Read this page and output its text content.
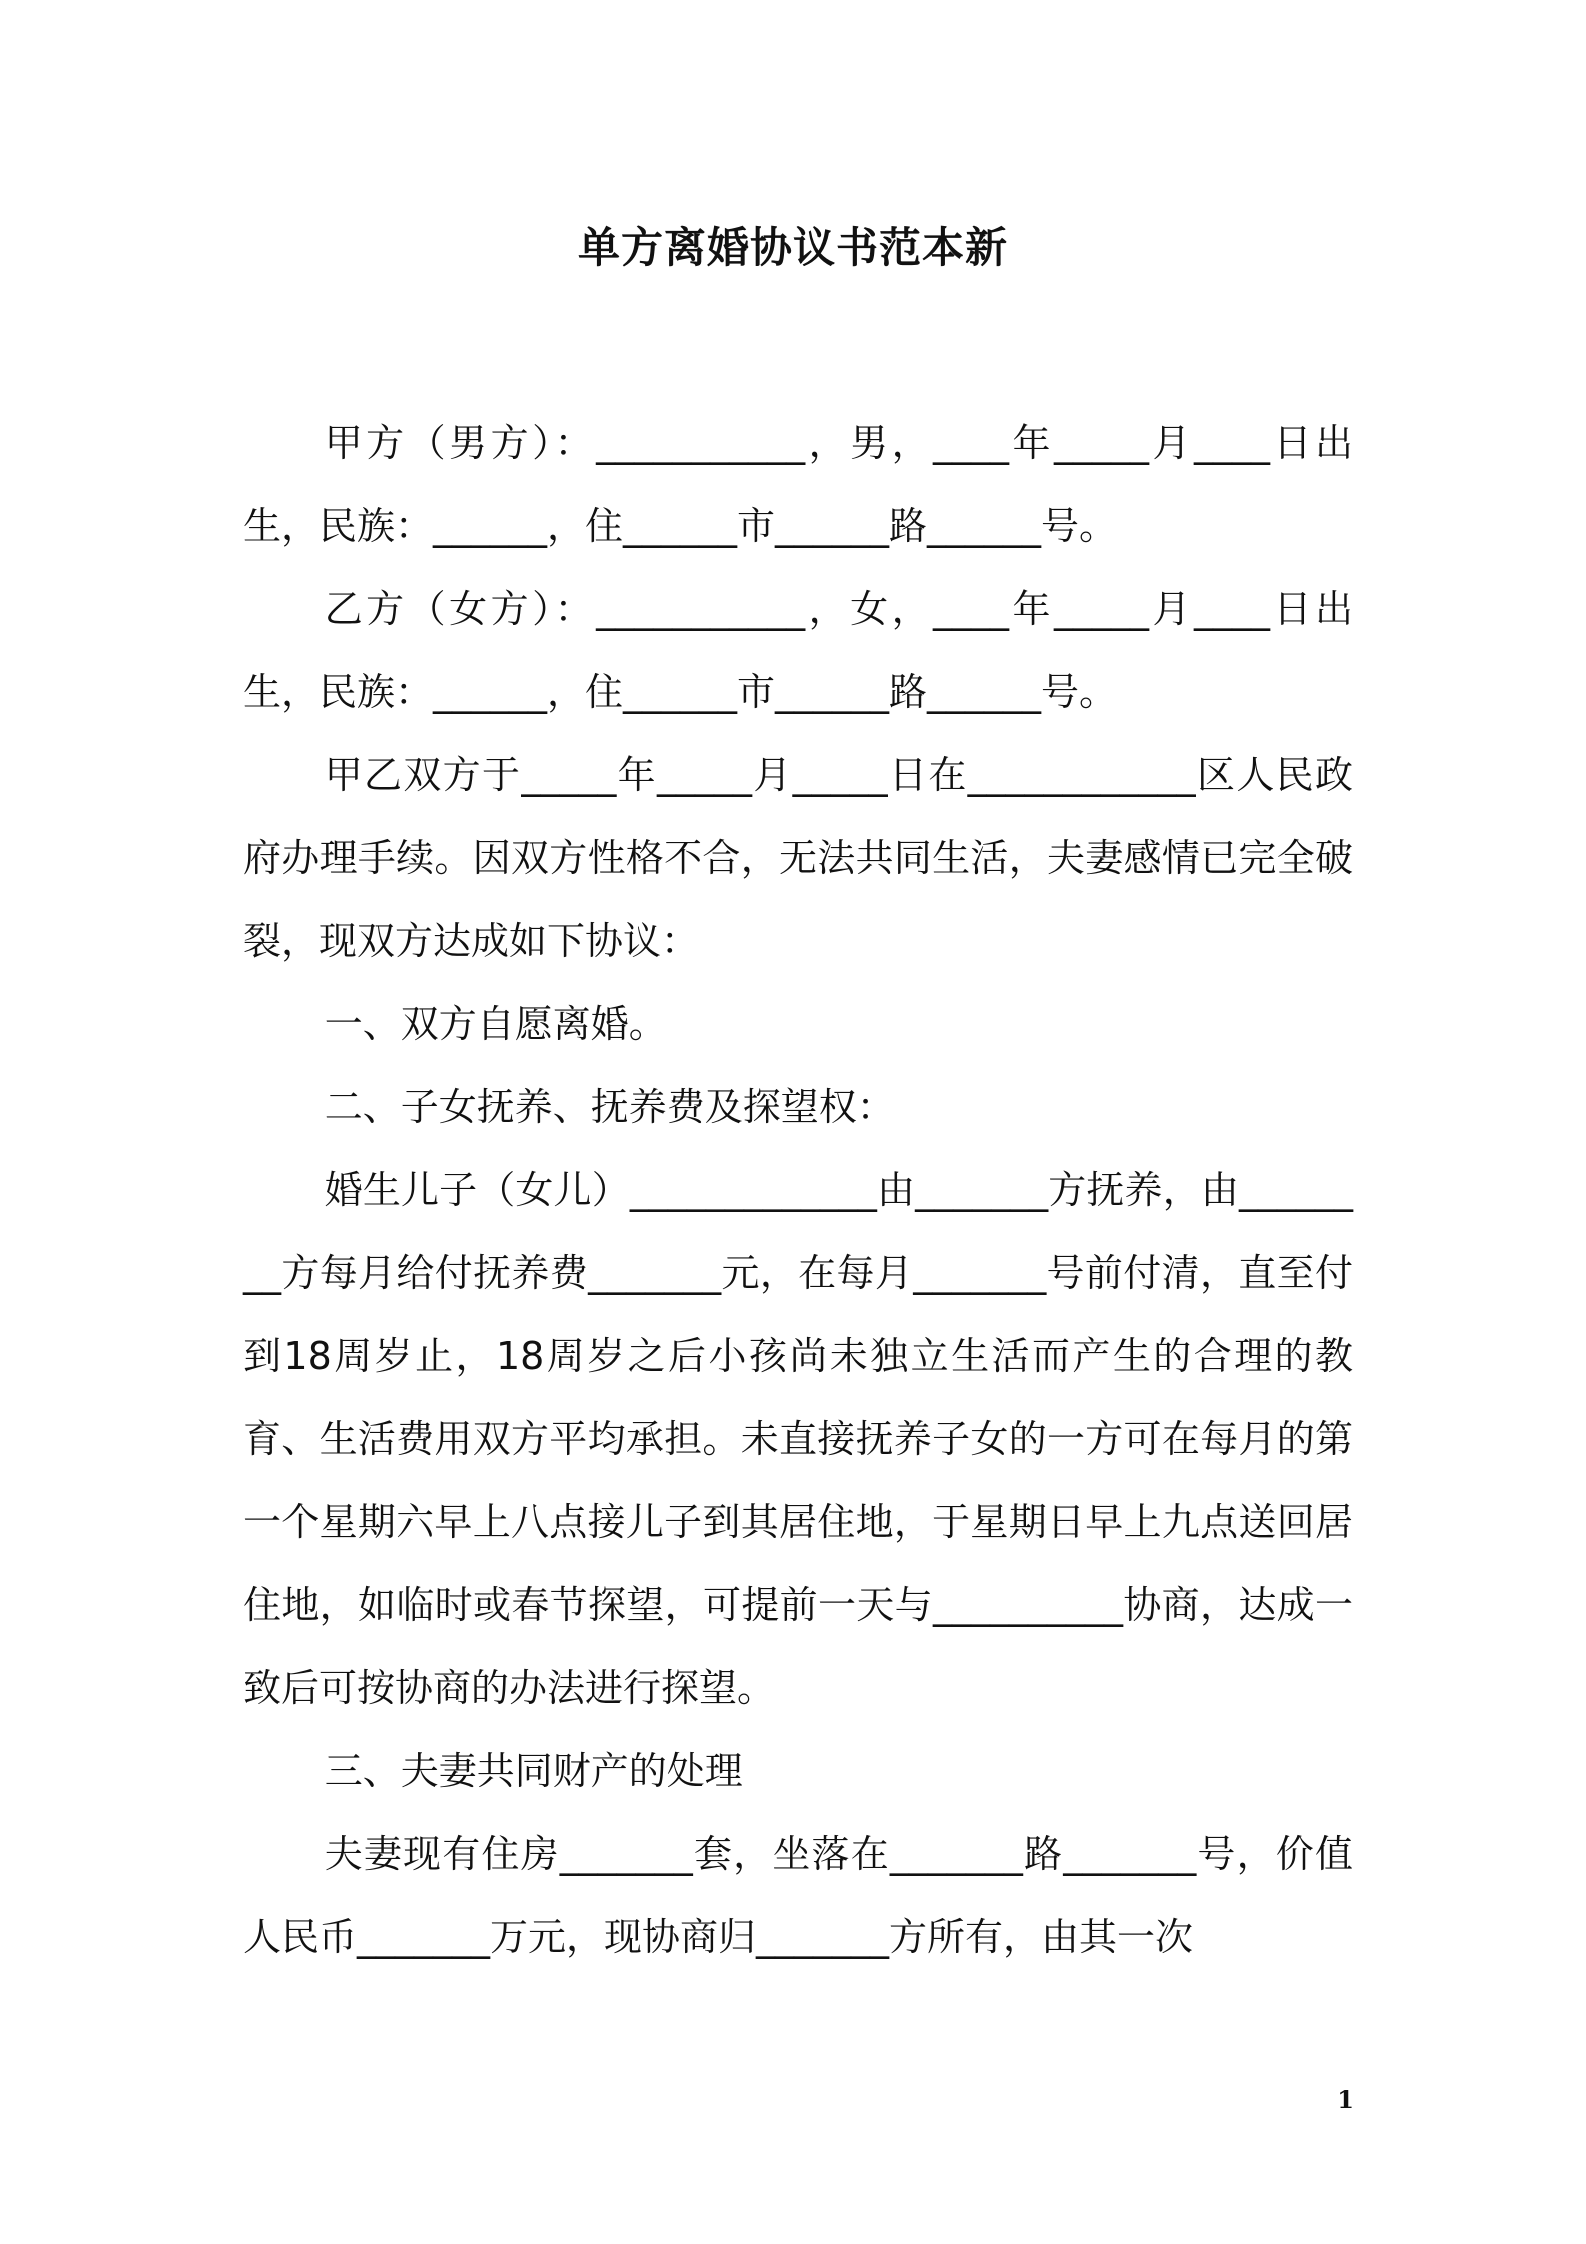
单方离婚协议书范本新

甲方（男方）：___________，男，____年_____月____日出生，民族：______，住______市______路______号。

乙方（女方）：___________，女，____年_____月____日出生，民族：______，住______市______路______号。

甲乙双方于_____年_____月_____日在____________区人民政府办理手续。因双方性格不合，无法共同生活，夫妻感情已完全破裂，现双方达成如下协议：

一、双方自愿离婚。

二、子女抚养、抚养费及探望权：

婚生儿子（女儿）_____________由_______方抚养，由________方每月给付抚养费_______元，在每月_______号前付清，直至付到18周岁止，18周岁之后小孩尚未独立生活而产生的合理的教育、生活费用双方平均承担。未直接抚养子女的一方可在每月的第一个星期六早上八点接儿子到其居住地，于星期日早上九点送回居住地，如临时或春节探望，可提前一天与__________协商，达成一致后可按协商的办法进行探望。

三、夫妻共同财产的处理

夫妻现有住房_______套，坐落在_______路_______号，价值人民币_______万元，现协商归_______方所有，由其一次

1
